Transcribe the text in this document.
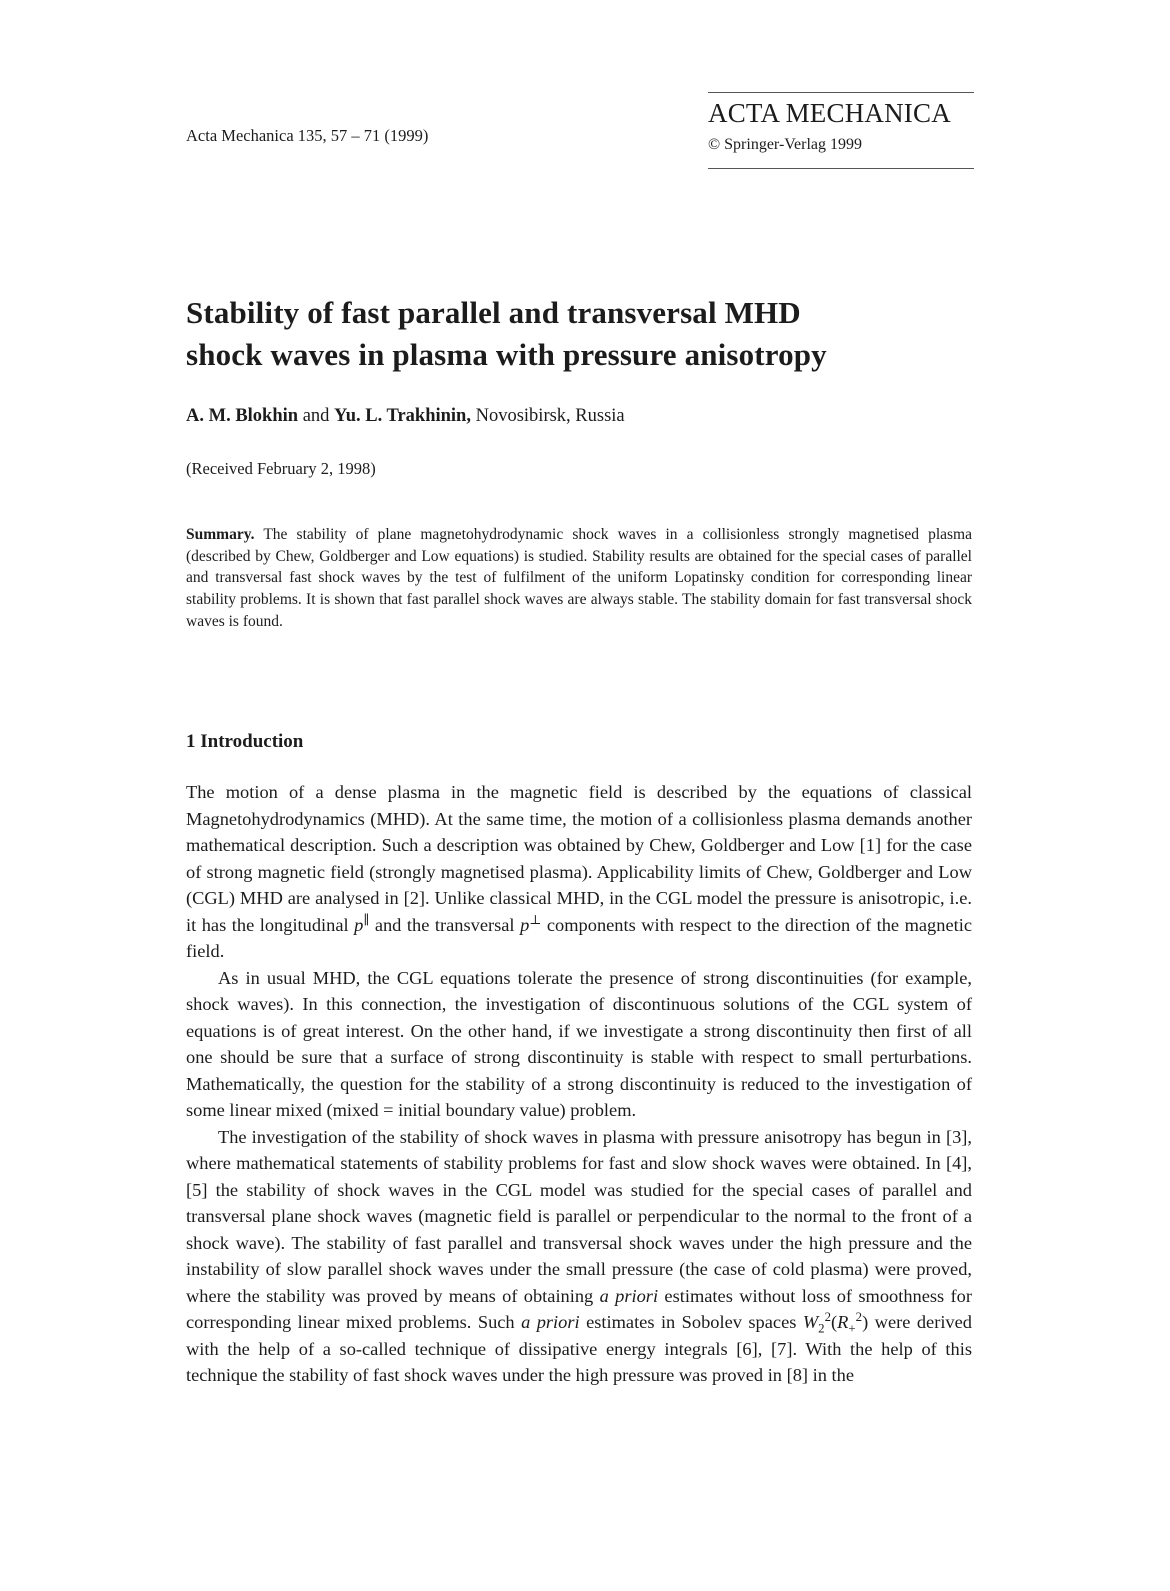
Acta Mechanica 135, 57 – 71 (1999)
ACTA MECHANICA
© Springer-Verlag 1999
Stability of fast parallel and transversal MHD
shock waves in plasma with pressure anisotropy
A. M. Blokhin and Yu. L. Trakhinin, Novosibirsk, Russia
(Received February 2, 1998)
Summary. The stability of plane magnetohydrodynamic shock waves in a collisionless strongly magnetised plasma (described by Chew, Goldberger and Low equations) is studied. Stability results are obtained for the special cases of parallel and transversal fast shock waves by the test of fulfilment of the uniform Lopatinsky condition for corresponding linear stability problems. It is shown that fast parallel shock waves are always stable. The stability domain for fast transversal shock waves is found.
1 Introduction

The motion of a dense plasma in the magnetic field is described by the equations of classical Magnetohydrodynamics (MHD). At the same time, the motion of a collisionless plasma demands another mathematical description. Such a description was obtained by Chew, Goldberger and Low [1] for the case of strong magnetic field (strongly magnetised plasma). Applicability limits of Chew, Goldberger and Low (CGL) MHD are analysed in [2]. Unlike classical MHD, in the CGL model the pressure is anisotropic, i.e. it has the longitudinal p∥ and the transversal p⊥ components with respect to the direction of the magnetic field.

As in usual MHD, the CGL equations tolerate the presence of strong discontinuities (for example, shock waves). In this connection, the investigation of discontinuous solutions of the CGL system of equations is of great interest. On the other hand, if we investigate a strong discontinuity then first of all one should be sure that a surface of strong discontinuity is stable with respect to small perturbations. Mathematically, the question for the stability of a strong discontinuity is reduced to the investigation of some linear mixed (mixed = initial boundary value) problem.

The investigation of the stability of shock waves in plasma with pressure anisotropy has begun in [3], where mathematical statements of stability problems for fast and slow shock waves were obtained. In [4], [5] the stability of shock waves in the CGL model was studied for the special cases of parallel and transversal plane shock waves (magnetic field is parallel or perpendicular to the normal to the front of a shock wave). The stability of fast parallel and transversal shock waves under the high pressure and the instability of slow parallel shock waves under the small pressure (the case of cold plasma) were proved, where the stability was proved by means of obtaining a priori estimates without loss of smoothness for corresponding linear mixed problems. Such a priori estimates in Sobolev spaces $W_2^2(R_+^2)$ were derived with the help of a so-called technique of dissipative energy integrals [6], [7]. With the help of this technique the stability of fast shock waves under the high pressure was proved in [8] in the
